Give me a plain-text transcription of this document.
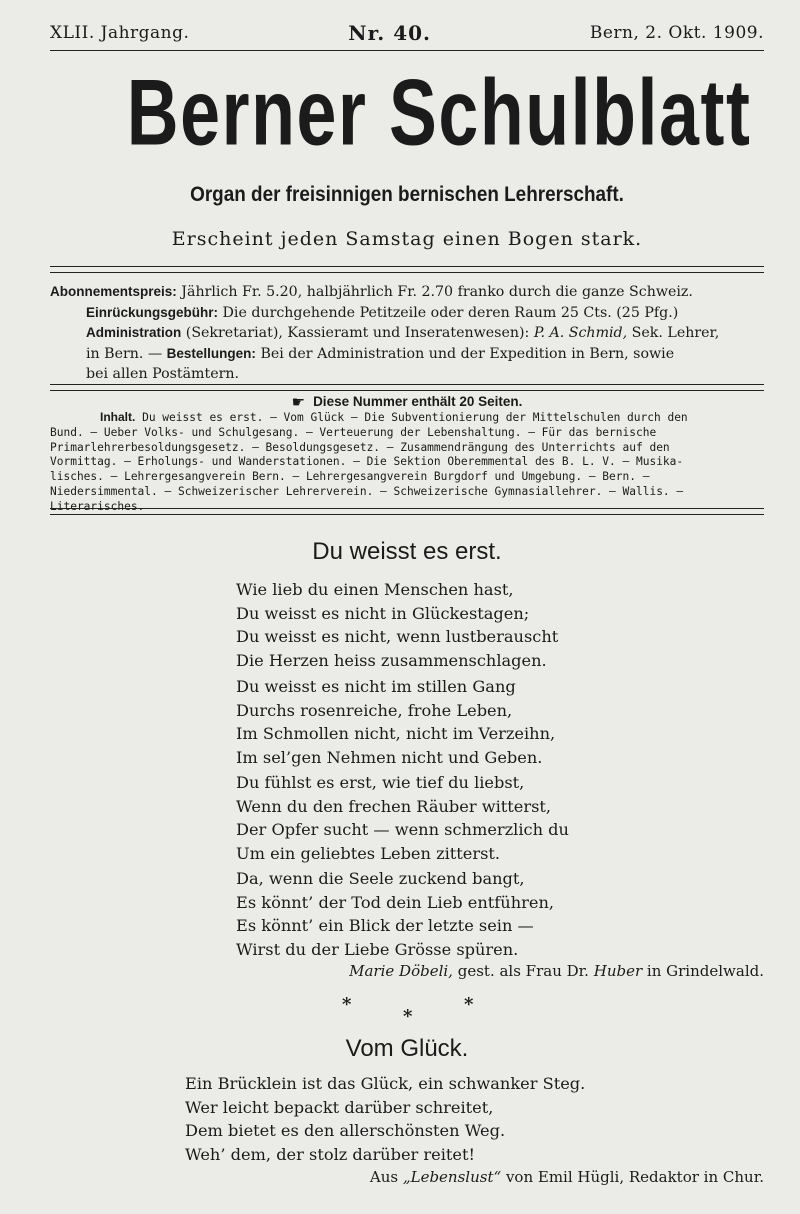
XLII. Jahrgang.	Nr. 40.	Bern, 2. Okt. 1909.
Berner Schulblatt
Organ der freisinnigen bernischen Lehrerschaft.
Erscheint jeden Samstag einen Bogen stark.
Abonnementspreis: Jährlich Fr. 5.20, halbjährlich Fr. 2.70 franko durch die ganze Schweiz.
Einrückungsgebühr: Die durchgehende Petitzeile oder deren Raum 25 Cts. (25 Pfg.)
Administration (Sekretariat), Kassieramt und Inseratenwesen): P. A. Schmid, Sek. Lehrer,
in Bern. — Bestellungen: Bei der Administration und der Expedition in Bern, sowie
bei allen Postämtern.
☛ Diese Nummer enthält 20 Seiten.
Inhalt. Du weisst es erst. — Vom Glück — Die Subventionierung der Mittelschulen durch den
Bund. — Ueber Volks- und Schulgesang. — Verteuerung der Lebenshaltung. — Für das bernische
Primarlehrerbesoldungsgesetz. — Besoldungsgesetz. — Zusammendrängung des Unterrichts auf den
Vormittag. — Erholungs- und Wanderstationen. — Die Sektion Oberemmental des B. L. V. — Musika-
lisches. — Lehrergesangverein Bern. — Lehrergesangverein Burgdorf und Umgebung. — Bern. —
Niedersimmental. — Schweizerischer Lehrerverein. — Schweizerische Gymnasiallehrer. — Wallis. —
Literarisches.
Du weisst es erst.
Wie lieb du einen Menschen hast,
Du weisst es nicht in Glückestagen;
Du weisst es nicht, wenn lustberauscht
Die Herzen heiss zusammenschlagen.
Du weisst es nicht im stillen Gang
Durchs rosenreiche, frohe Leben,
Im Schmollen nicht, nicht im Verzeihn,
Im sel’gen Nehmen nicht und Geben.
Du fühlst es erst, wie tief du liebst,
Wenn du den frechen Räuber witterst,
Der Opfer sucht — wenn schmerzlich du
Um ein geliebtes Leben zitterst.
Da, wenn die Seele zuckend bangt,
Es könnt’ der Tod dein Lieb entführen,
Es könnt’ ein Blick der letzte sein —
Wirst du der Liebe Grösse spüren.
Marie Döbeli, gest. als Frau Dr. Huber in Grindelwald.
*	*
*
Vom Glück.
Ein Brücklein ist das Glück, ein schwanker Steg.
Wer leicht bepackt darüber schreitet,
Dem bietet es den allerschönsten Weg.
Weh’ dem, der stolz darüber reitet!
Aus „Lebenslust“ von Emil Hügli, Redaktor in Chur.
